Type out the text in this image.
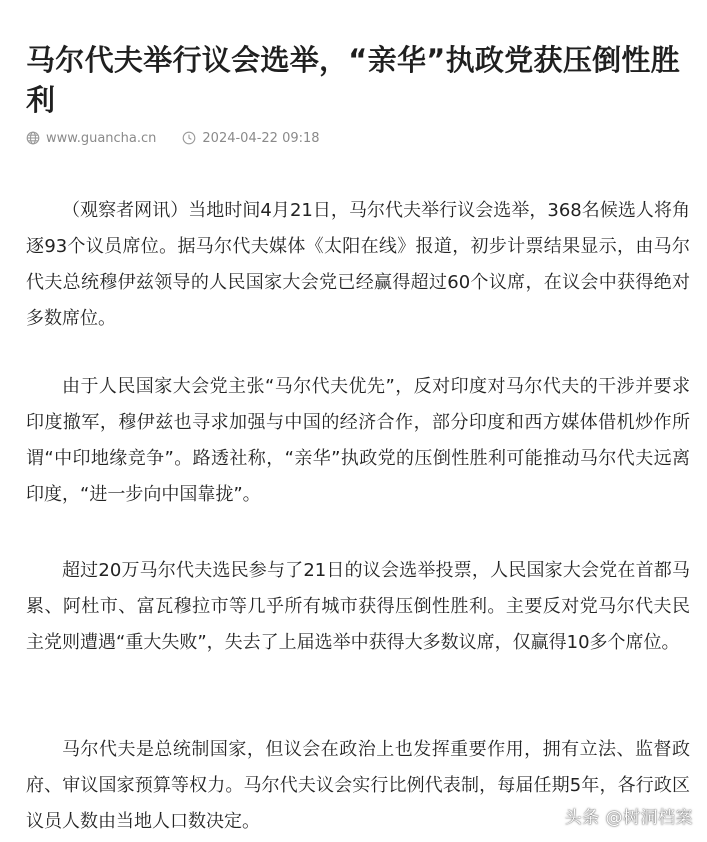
马尔代夫举行议会选举，“亲华”执政党获压倒性胜利
www.guancha.cn	2024-04-22 09:18

（观察者网讯）当地时间4月21日，马尔代夫举行议会选举，368名候选人将角逐93个议员席位。据马尔代夫媒体《太阳在线》报道，初步计票结果显示，由马尔代夫总统穆伊兹领导的人民国家大会党已经赢得超过60个议席，在议会中获得绝对多数席位。

由于人民国家大会党主张“马尔代夫优先”，反对印度对马尔代夫的干涉并要求印度撤军，穆伊兹也寻求加强与中国的经济合作，部分印度和西方媒体借机炒作所谓“中印地缘竞争”。路透社称，“亲华”执政党的压倒性胜利可能推动马尔代夫远离印度，“进一步向中国靠拢”。

超过20万马尔代夫选民参与了21日的议会选举投票，人民国家大会党在首都马累、阿杜市、富瓦穆拉市等几乎所有城市获得压倒性胜利。主要反对党马尔代夫民主党则遭遇“重大失败”，失去了上届选举中获得大多数议席，仅赢得10多个席位。

马尔代夫是总统制国家，但议会在政治上也发挥重要作用，拥有立法、监督政府、审议国家预算等权力。马尔代夫议会实行比例代表制，每届任期5年，各行政区议员人数由当地人口数决定。	头条 @树洞档案
